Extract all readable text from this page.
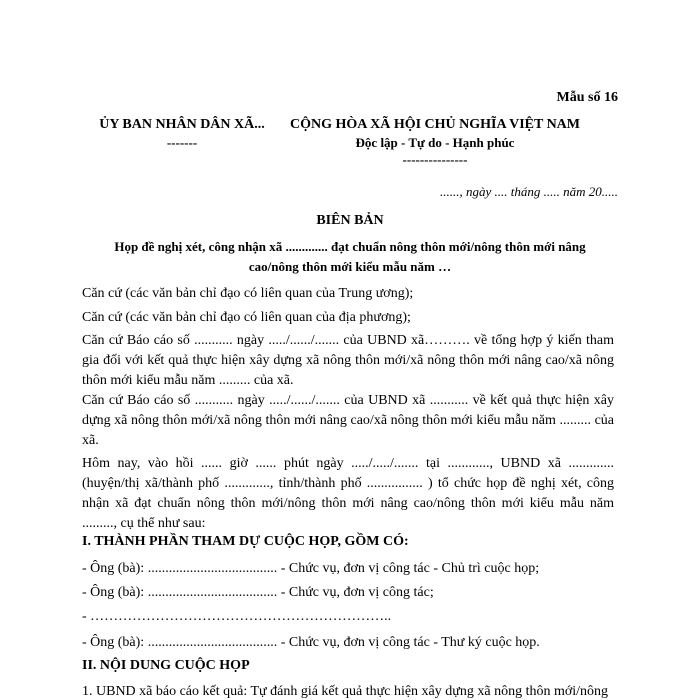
Mẫu số 16
ỦY BAN NHÂN DÂN XÃ...
-------
CỘNG HÒA XÃ HỘI CHỦ NGHĨA VIỆT NAM
Độc lập - Tự do - Hạnh phúc
---------------
......, ngày .... tháng ..... năm 20.....
BIÊN BẢN
Họp đề nghị xét, công nhận xã ............. đạt chuẩn nông thôn mới/nông thôn mới nâng
cao/nông thôn mới kiểu mẫu năm …

Căn cứ (các văn bản chỉ đạo có liên quan của Trung ương);

Căn cứ (các văn bản chỉ đạo có liên quan của địa phương);

Căn cứ Báo cáo số ........... ngày ...../....../....... của UBND xã………. về tổng hợp ý kiến tham gia đối với kết quả thực hiện xây dựng xã nông thôn mới/xã nông thôn mới nâng cao/xã nông thôn mới kiểu mẫu năm ......... của xã.

Căn cứ Báo cáo số ........... ngày ...../....../....... của UBND xã ........... về kết quả thực hiện xây dựng xã nông thôn mới/xã nông thôn mới nâng cao/xã nông thôn mới kiểu mẫu năm ......... của xã.

Hôm nay, vào hồi ...... giờ ...... phút ngày ...../...../....... tại ............, UBND xã ............. (huyện/thị xã/thành phố ............., tỉnh/thành phố ................ ) tổ chức họp đề nghị xét, công nhận xã đạt chuẩn nông thôn mới/nông thôn mới nâng cao/nông thôn mới kiểu mẫu năm ........., cụ thể như sau:

I. THÀNH PHẦN THAM DỰ CUỘC HỌP, GỒM CÓ:
- Ông (bà): ..................................... - Chức vụ, đơn vị công tác - Chủ trì cuộc họp;
- Ông (bà): ..................................... - Chức vụ, đơn vị công tác;
- ………………………………………………………..
- Ông (bà): ..................................... - Chức vụ, đơn vị công tác - Thư ký cuộc họp.
II. NỘI DUNG CUỘC HỌP
1. UBND xã báo cáo kết quả: Tự đánh giá kết quả thực hiện xây dựng xã nông thôn mới/nông
